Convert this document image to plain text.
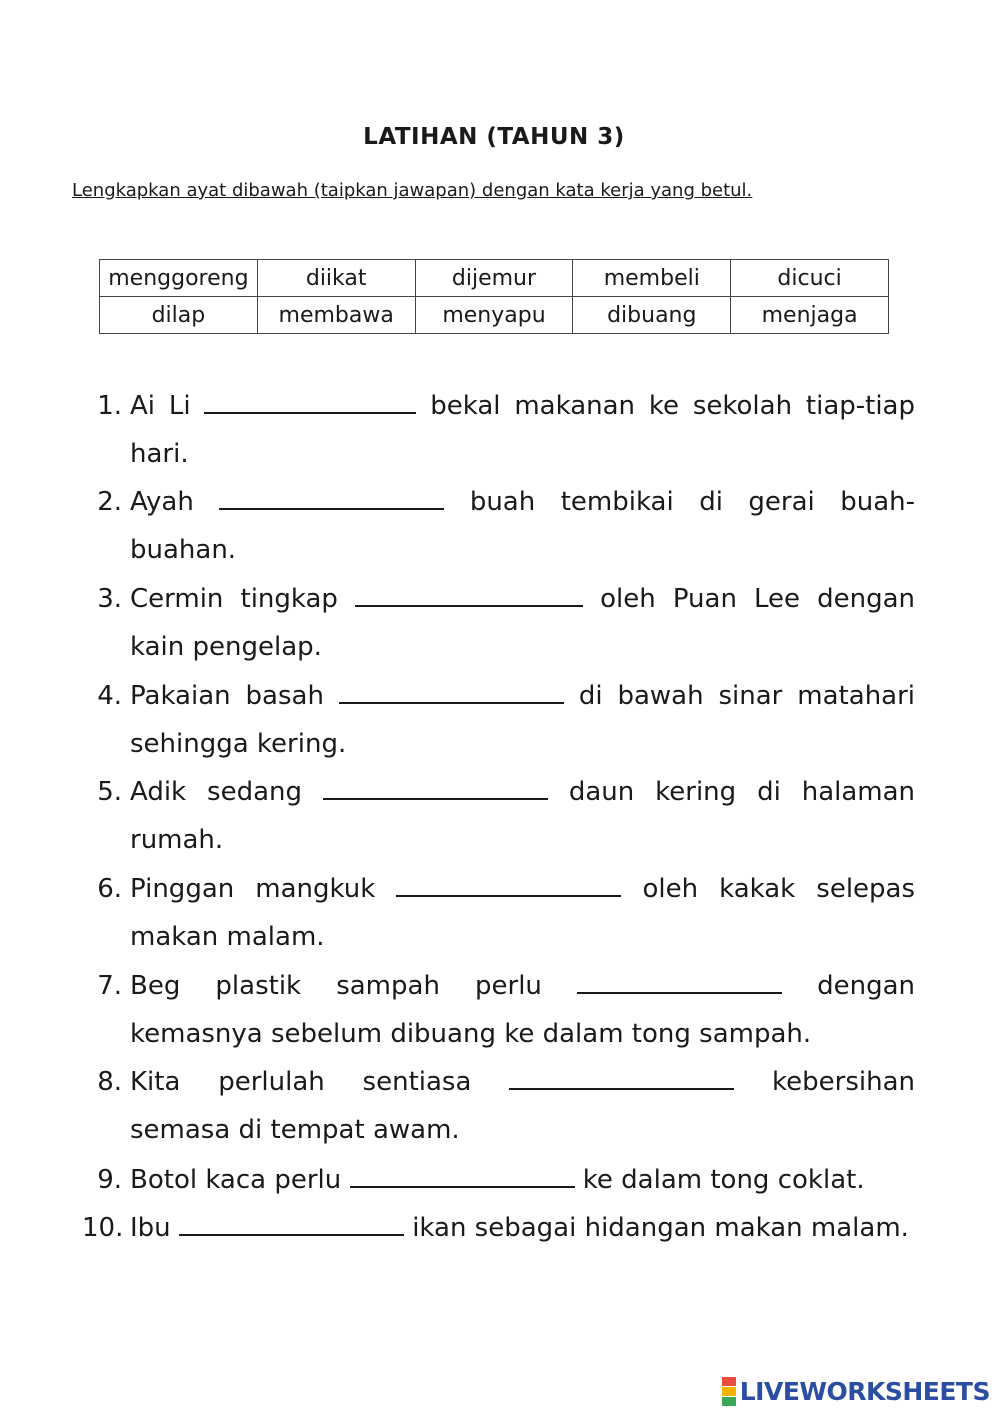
LATIHAN (TAHUN 3)
Lengkapkan ayat dibawah (taipkan jawapan) dengan kata kerja yang betul.
menggoreng	diikat	dijemur	membeli	dicuci
dilap	membawa	menyapu	dibuang	menjaga
1. Ai Li	bekal makanan ke sekolah tiap-tiap
hari.
2. Ayah	buah tembikai di gerai buah-
buahan.
3. Cermin tingkap	oleh Puan Lee dengan
kain pengelap.
4. Pakaian basah	di bawah sinar matahari
sehingga kering.
5. Adik sedang	daun kering di halaman
rumah.
6. Pinggan mangkuk	oleh kakak selepas
makan malam.
7. Beg plastik sampah perlu	dengan
kemasnya sebelum dibuang ke dalam tong sampah.
8. Kita perlulah sentiasa	kebersihan
semasa di tempat awam.
9. Botol kaca perlu	ke dalam tong coklat.
10. Ibu	ikan sebagai hidangan makan malam.
LIVEWORKSHEETS
